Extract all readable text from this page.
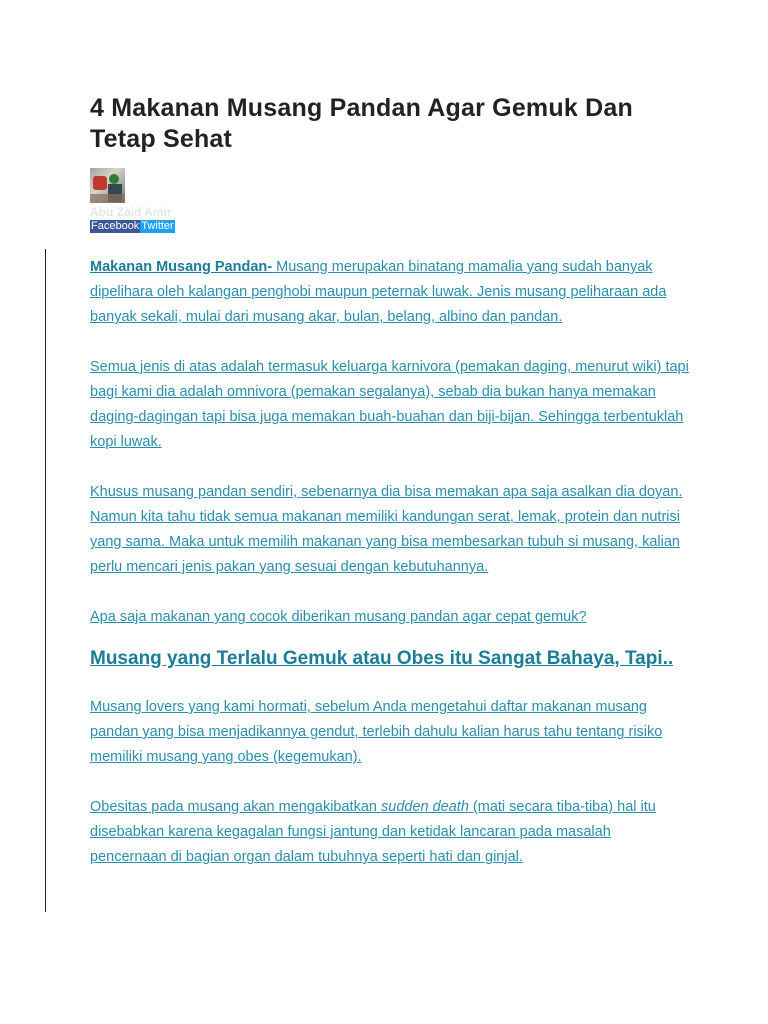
4 Makanan Musang Pandan Agar Gemuk Dan Tetap Sehat
Abu Zaid Amir
Facebook Twitter

Makanan Musang Pandan- Musang merupakan binatang mamalia yang sudah banyak dipelihara oleh kalangan penghobi maupun peternak luwak. Jenis musang peliharaan ada banyak sekali, mulai dari musang akar, bulan, belang, albino dan pandan.

Semua jenis di atas adalah termasuk keluarga karnivora (pemakan daging, menurut wiki) tapi bagi kami dia adalah omnivora (pemakan segalanya), sebab dia bukan hanya memakan daging-dagingan tapi bisa juga memakan buah-buahan dan biji-bijan. Sehingga terbentuklah kopi luwak.

Khusus musang pandan sendiri, sebenarnya dia bisa memakan apa saja asalkan dia doyan. Namun kita tahu tidak semua makanan memiliki kandungan serat, lemak, protein dan nutrisi yang sama. Maka untuk memilih makanan yang bisa membesarkan tubuh si musang, kalian perlu mencari jenis pakan yang sesuai dengan kebutuhannya.

Apa saja makanan yang cocok diberikan musang pandan agar cepat gemuk?

Musang yang Terlalu Gemuk atau Obes itu Sangat Bahaya, Tapi..

Musang lovers yang kami hormati, sebelum Anda mengetahui daftar makanan musang pandan yang bisa menjadikannya gendut, terlebih dahulu kalian harus tahu tentang risiko memiliki musang yang obes (kegemukan).

Obesitas pada musang akan mengakibatkan sudden death (mati secara tiba-tiba) hal itu disebabkan karena kegagalan fungsi jantung dan ketidak lancaran pada masalah pencernaan di bagian organ dalam tubuhnya seperti hati dan ginjal.
